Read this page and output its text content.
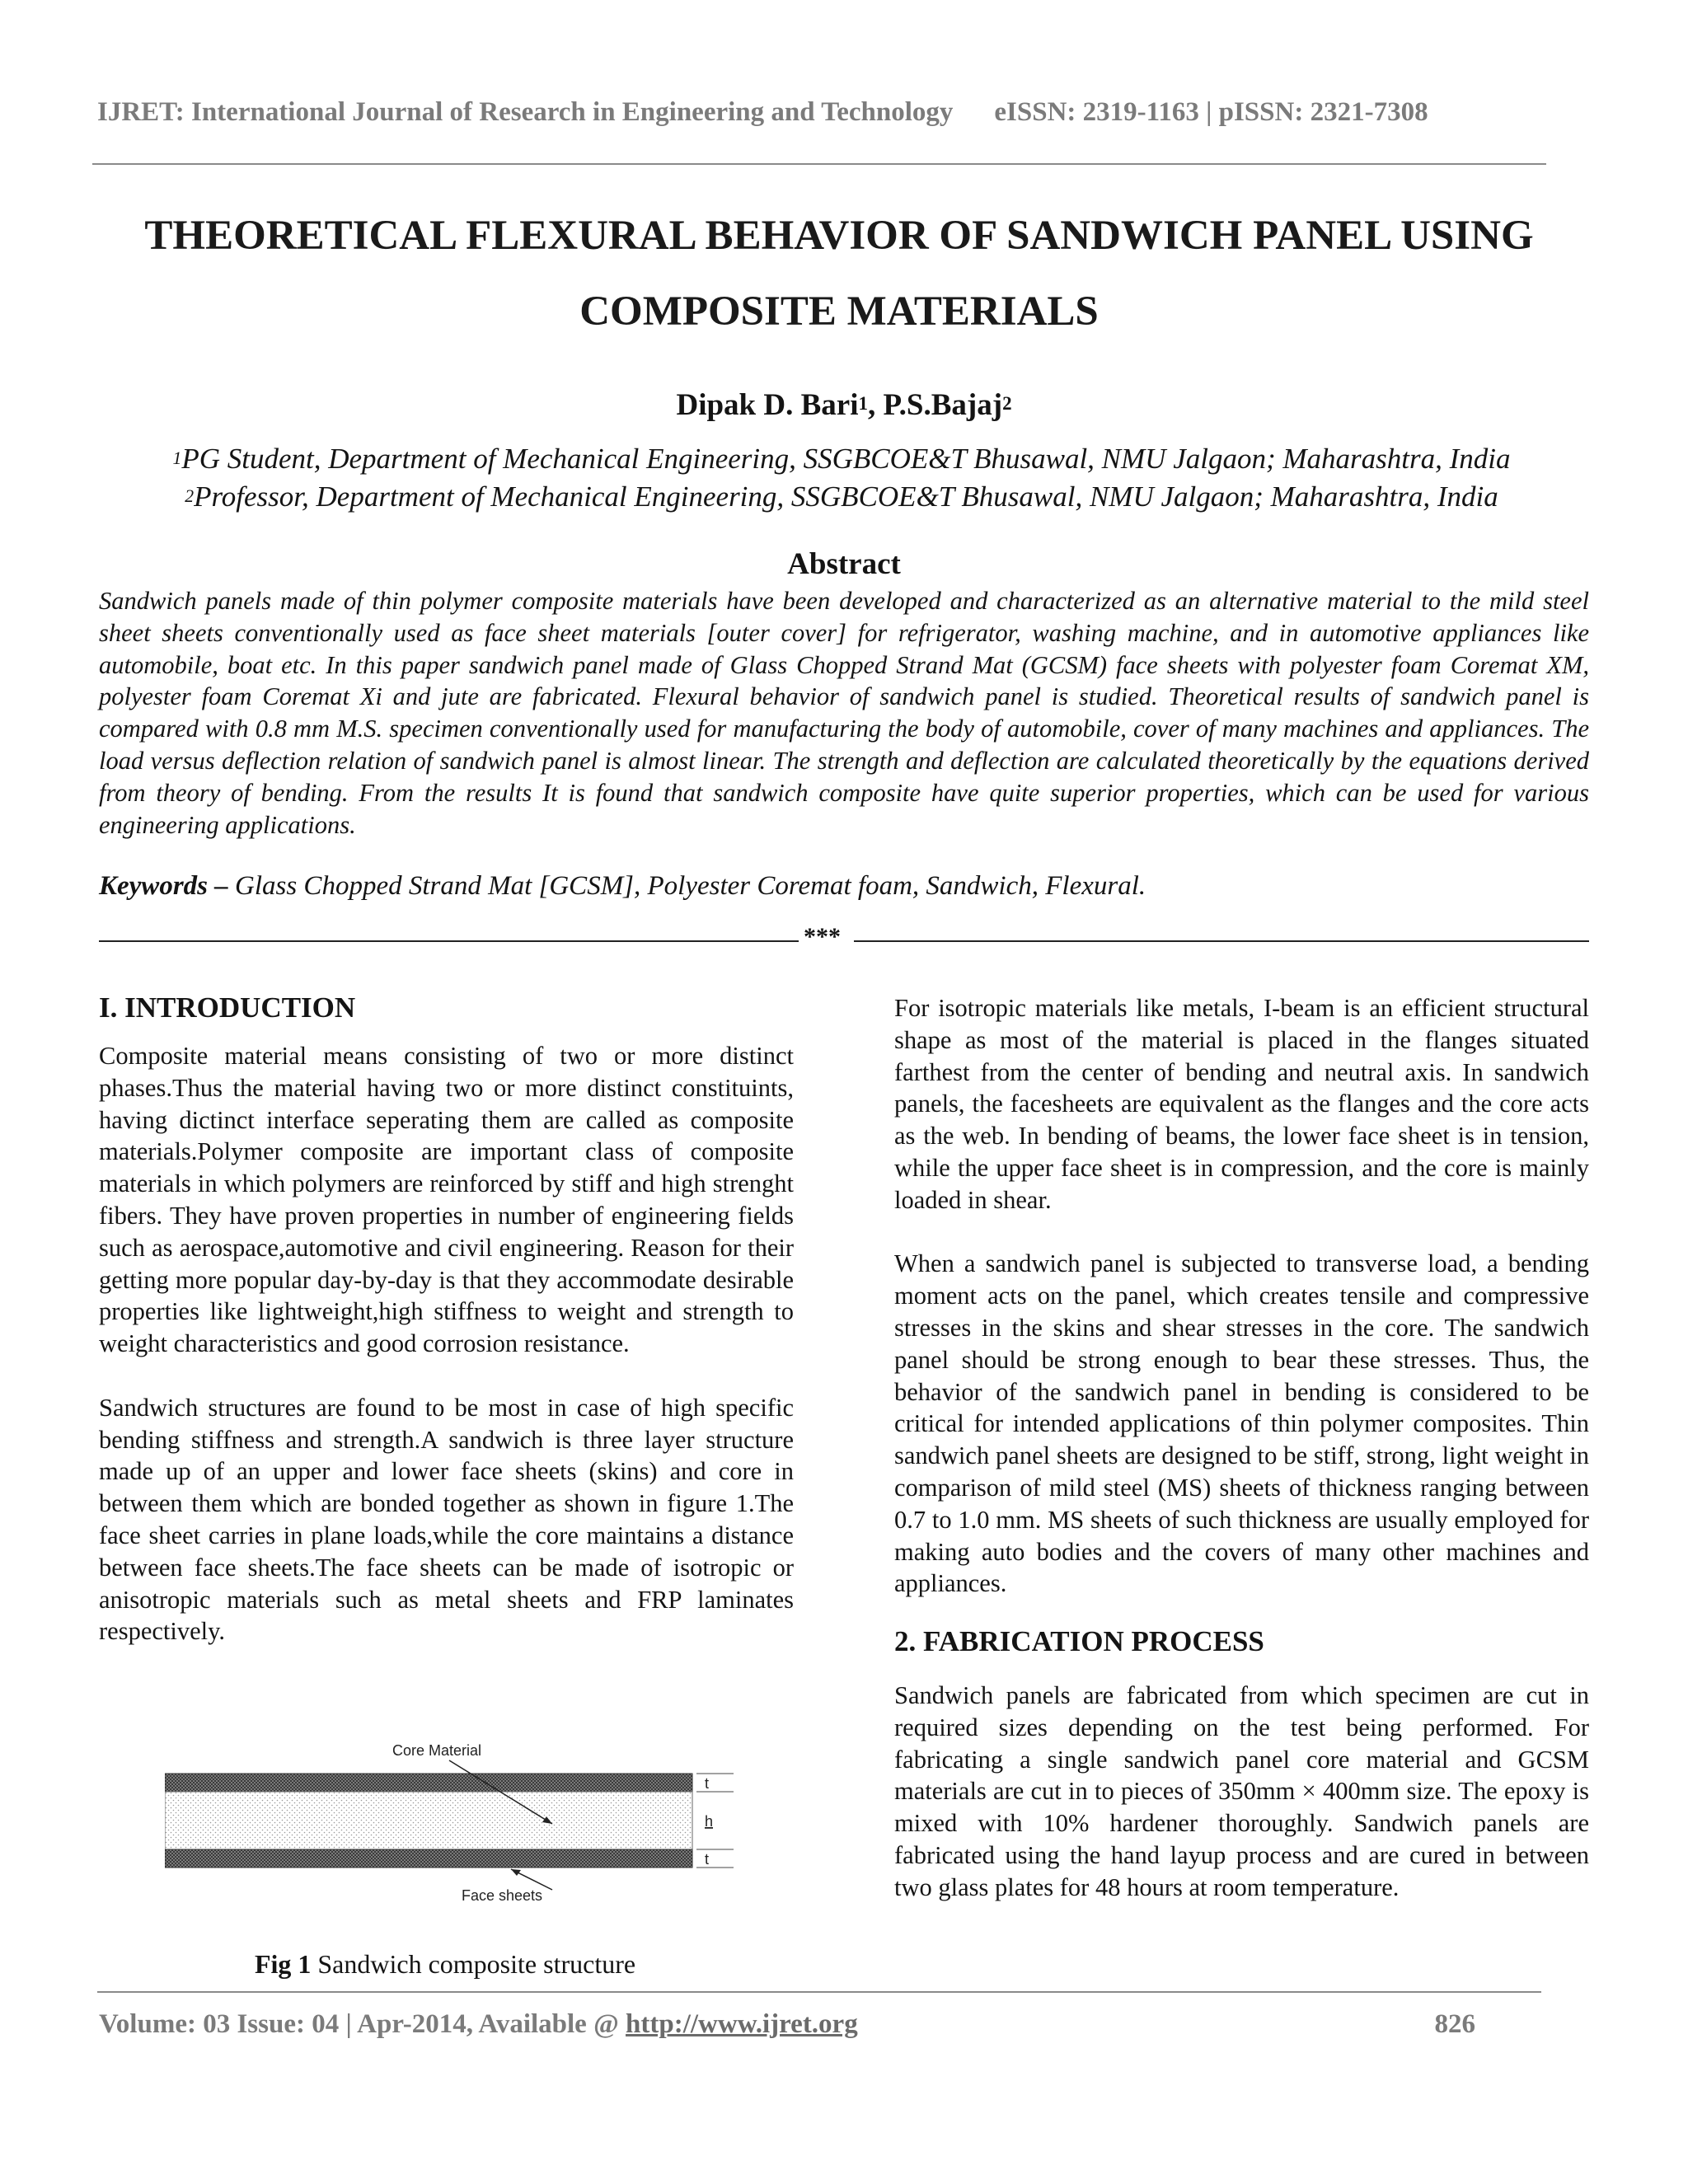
IJRET: International Journal of Research in Engineering and Technology eISSN: 2319-1163 | pISSN: 2321-7308
THEORETICAL FLEXURAL BEHAVIOR OF SANDWICH PANEL USING
COMPOSITE MATERIALS
Dipak D. Bari$^1$, P.S.Bajaj$^2$
$^1$PG Student, Department of Mechanical Engineering, SSGBCOE&T Bhusawal, NMU Jalgaon; Maharashtra, India
$^2$Professor, Department of Mechanical Engineering, SSGBCOE&T Bhusawal, NMU Jalgaon; Maharashtra, India
Abstract
Sandwich panels made of thin polymer composite materials have been developed and characterized as an alternative material to the mild steel sheet sheets conventionally used as face sheet materials [outer cover] for refrigerator, washing machine, and in automotive appliances like automobile, boat etc. In this paper sandwich panel made of Glass Chopped Strand Mat (GCSM) face sheets with polyester foam Coremat XM, polyester foam Coremat Xi and jute are fabricated. Flexural behavior of sandwich panel is studied. Theoretical results of sandwich panel is compared with 0.8 mm M.S. specimen conventionally used for manufacturing the body of automobile, cover of many machines and appliances. The load versus deflection relation of sandwich panel is almost linear. The strength and deflection are calculated theoretically by the equations derived from theory of bending. From the results It is found that sandwich composite have quite superior properties, which can be used for various engineering applications.
Keywords – Glass Chopped Strand Mat [GCSM], Polyester Coremat foam, Sandwich, Flexural.
***
I. INTRODUCTION

Composite material means consisting of two or more distinct phases.Thus the material having two or more distinct constituints, having dictinct interface seperating them are called as composite materials.Polymer composite are important class of composite materials in which polymers are reinforced by stiff and high strenght fibers. They have proven properties in number of engineering fields such as aerospace,automotive and civil engineering. Reason for their getting more popular day-by-day is that they accommodate desirable properties like lightweight,high stiffness to weight and strength to weight characteristics and good corrosion resistance.

Sandwich structures are found to be most in case of high specific bending stiffness and strength.A sandwich is three layer structure made up of an upper and lower face sheets (skins) and core in between them which are bonded together as shown in figure 1.The face sheet carries in plane loads,while the core maintains a distance between face sheets.The face sheets can be made of isotropic or anisotropic materials such as metal sheets and FRP laminates respectively.

Core Material
Face sheets
t
h
t
Fig 1 Sandwich composite structure

For isotropic materials like metals, I-beam is an efficient structural shape as most of the material is placed in the flanges situated farthest from the center of bending and neutral axis. In sandwich panels, the facesheets are equivalent as the flanges and the core acts as the web. In bending of beams, the lower face sheet is in tension, while the upper face sheet is in compression, and the core is mainly loaded in shear.

When a sandwich panel is subjected to transverse load, a bending moment acts on the panel, which creates tensile and compressive stresses in the skins and shear stresses in the core. The sandwich panel should be strong enough to bear these stresses. Thus, the behavior of the sandwich panel in bending is considered to be critical for intended applications of thin polymer composites. Thin sandwich panel sheets are designed to be stiff, strong, light weight in comparison of mild steel (MS) sheets of thickness ranging between 0.7 to 1.0 mm. MS sheets of such thickness are usually employed for making auto bodies and the covers of many other machines and appliances.

2. FABRICATION PROCESS

Sandwich panels are fabricated from which specimen are cut in required sizes depending on the test being performed. For fabricating a single sandwich panel core material and GCSM materials are cut in to pieces of 350mm × 400mm size. The epoxy is mixed with 10% hardener thoroughly. Sandwich panels are fabricated using the hand layup process and are cured in between two glass plates for 48 hours at room temperature.

Volume: 03 Issue: 04 | Apr-2014, Available @ http://www.ijret.org	826
